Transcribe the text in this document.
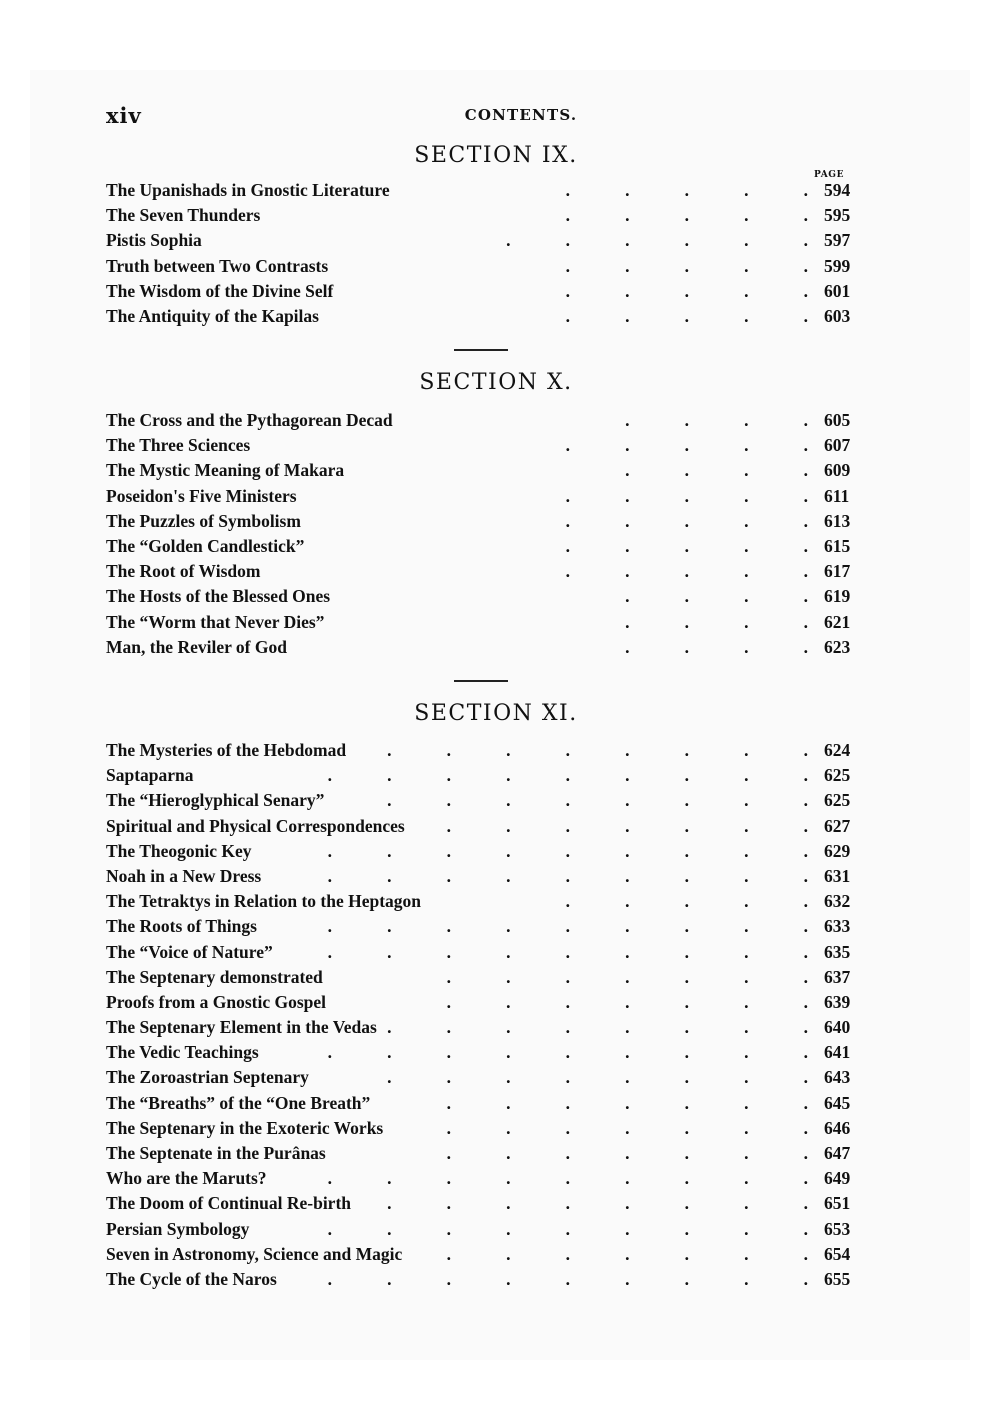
xiv	CONTENTS.
SECTION IX.
PAGE
.	.	.	.	.
The Upanishads in Gnostic Literature	594
.	.	.	.	.
The Seven Thunders	595
.	.	.	.	.	.
Pistis Sophia	597
.	.	.	.	.
Truth between Two Contrasts	599
.	.	.	.	.
The Wisdom of the Divine Self	601
.	.	.	.	.
The Antiquity of the Kapilas	603
SECTION X.
.	.	.	.
The Cross and the Pythagorean Decad	605
.	.	.	.	.
The Three Sciences	607
.	.	.	.
The Mystic Meaning of Makara	609
.	.	.	.	.
Poseidon's Five Ministers	611
.	.	.	.	.
The Puzzles of Symbolism	613
.	.	.	.	.
The “Golden Candlestick”	615
.	.	.	.	.
The Root of Wisdom	617
.	.	.	.
The Hosts of the Blessed Ones	619
.	.	.	.
The “Worm that Never Dies”	621
.	.	.	.
Man, the Reviler of God	623
SECTION XI.
.	.	.	.	.	.	.	.
The Mysteries of the Hebdomad	624
.	.	.	.	.	.	.	.	.
Saptaparna	625
.	.	.	.	.	.	.	.
The “Hieroglyphical Senary”	625
.	.	.	.	.	.	.
Spiritual and Physical Correspondences	627
.	.	.	.	.	.	.	.	.
The Theogonic Key	629
.	.	.	.	.	.	.	.	.
Noah in a New Dress	631
.	.	.	.	.
The Tetraktys in Relation to the Heptagon	632
.	.	.	.	.	.	.	.	.
The Roots of Things	633
.	.	.	.	.	.	.	.	.
The “Voice of Nature”	635
.	.	.	.	.	.	.
The Septenary demonstrated	637
.	.	.	.	.	.	.
Proofs from a Gnostic Gospel	639
.	.	.	.	.	.	.	.
The Septenary Element in the Vedas	640
.	.	.	.	.	.	.	.	.
The Vedic Teachings	641
.	.	.	.	.	.	.	.
The Zoroastrian Septenary	643
.	.	.	.	.	.	.
The “Breaths” of the “One Breath”	645
.	.	.	.	.	.	.
The Septenary in the Exoteric Works	646
.	.	.	.	.	.	.
The Septenate in the Purânas	647
.	.	.	.	.	.	.	.	.
Who are the Maruts?	649
.	.	.	.	.	.	.	.
The Doom of Continual Re-birth	651
.	.	.	.	.	.	.	.	.
Persian Symbology	653
.	.	.	.	.	.	.
Seven in Astronomy, Science and Magic	654
.	.	.	.	.	.	.	.	.
The Cycle of the Naros	655
